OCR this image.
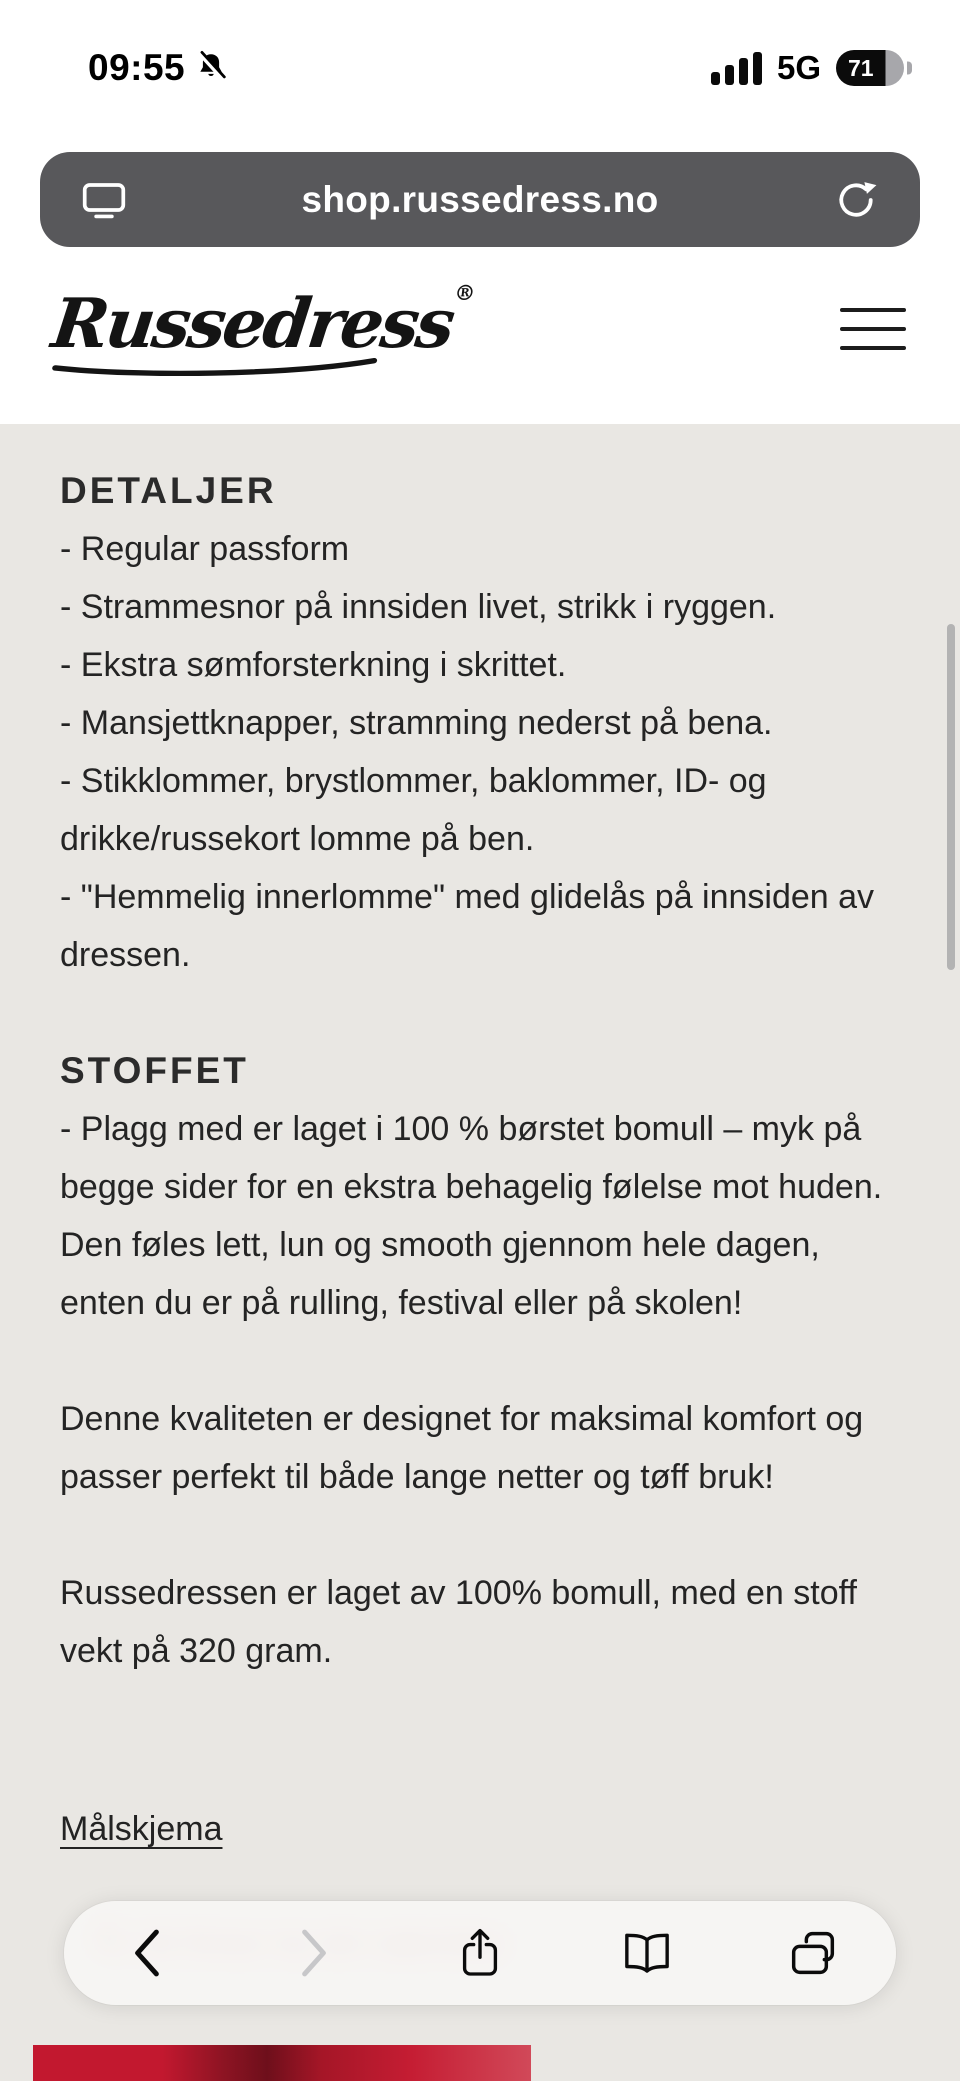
09:55	5G	71
shop.russedress.no
Russedress
®
DETALJER

- Regular passform

- Strammesnor på innsiden livet, strikk i ryggen.

- Ekstra sømforsterkning i skrittet.

- Mansjettknapper, stramming nederst på bena.

- Stikklommer, brystlommer, baklommer, ID- og drikke/russekort lomme på ben.

- "Hemmelig innerlomme" med glidelås på innsiden av dressen.

STOFFET

- Plagg med er laget i 100 % børstet bomull – myk på begge sider for en ekstra behagelig følelse mot huden. Den føles lett, lun og smooth gjennom hele dagen, enten du er på rulling, festival eller på skolen!

Denne kvaliteten er designet for maksimal komfort og passer perfekt til både lange netter og tøff bruk!

Russedressen er laget av 100% bomull, med en stoff vekt på 320 gram.

Målskjema
